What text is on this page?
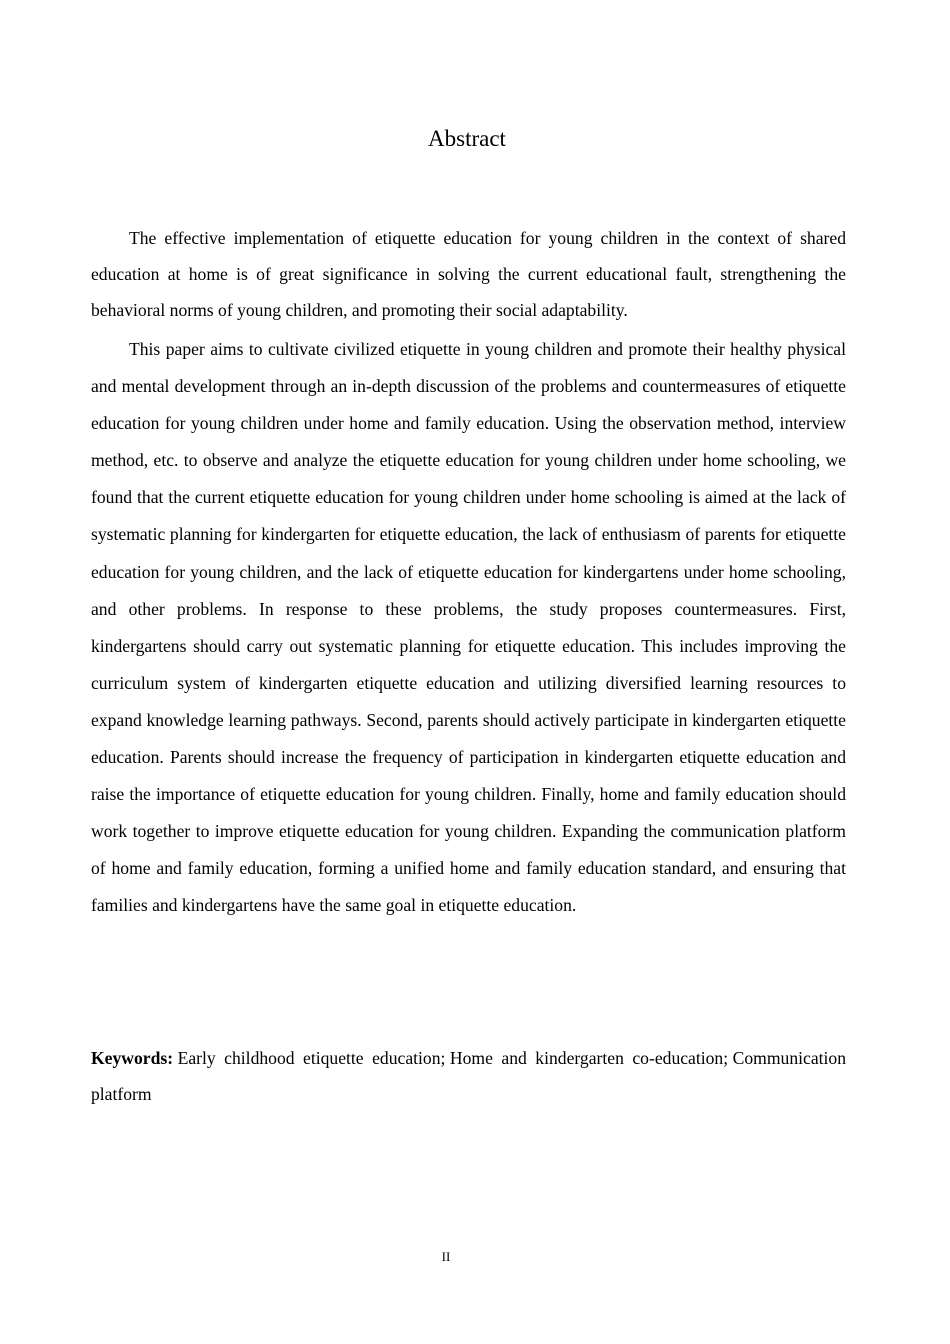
Abstract

The effective implementation of etiquette education for young children in the context of shared education at home is of great significance in solving the current educational fault, strengthening the behavioral norms of young children, and promoting their social adaptability.

This paper aims to cultivate civilized etiquette in young children and promote their healthy physical and mental development through an in-depth discussion of the problems and countermeasures of etiquette education for young children under home and family education. Using the observation method, interview method, etc. to observe and analyze the etiquette education for young children under home schooling, we found that the current etiquette education for young children under home schooling is aimed at the lack of systematic planning for kindergarten for etiquette education, the lack of enthusiasm of parents for etiquette education for young children, and the lack of etiquette education for kindergartens under home schooling, and other problems. In response to these problems, the study proposes countermeasures. First, kindergartens should carry out systematic planning for etiquette education. This includes improving the curriculum system of kindergarten etiquette education and utilizing diversified learning resources to expand knowledge learning pathways. Second, parents should actively participate in kindergarten etiquette education. Parents should increase the frequency of participation in kindergarten etiquette education and raise the importance of etiquette education for young children. Finally, home and family education should work together to improve etiquette education for young children. Expanding the communication platform of home and family education, forming a unified home and family education standard, and ensuring that families and kindergartens have the same goal in etiquette education.

Keywords: Early childhood etiquette education; Home and kindergarten co-education; Communication platform

II
